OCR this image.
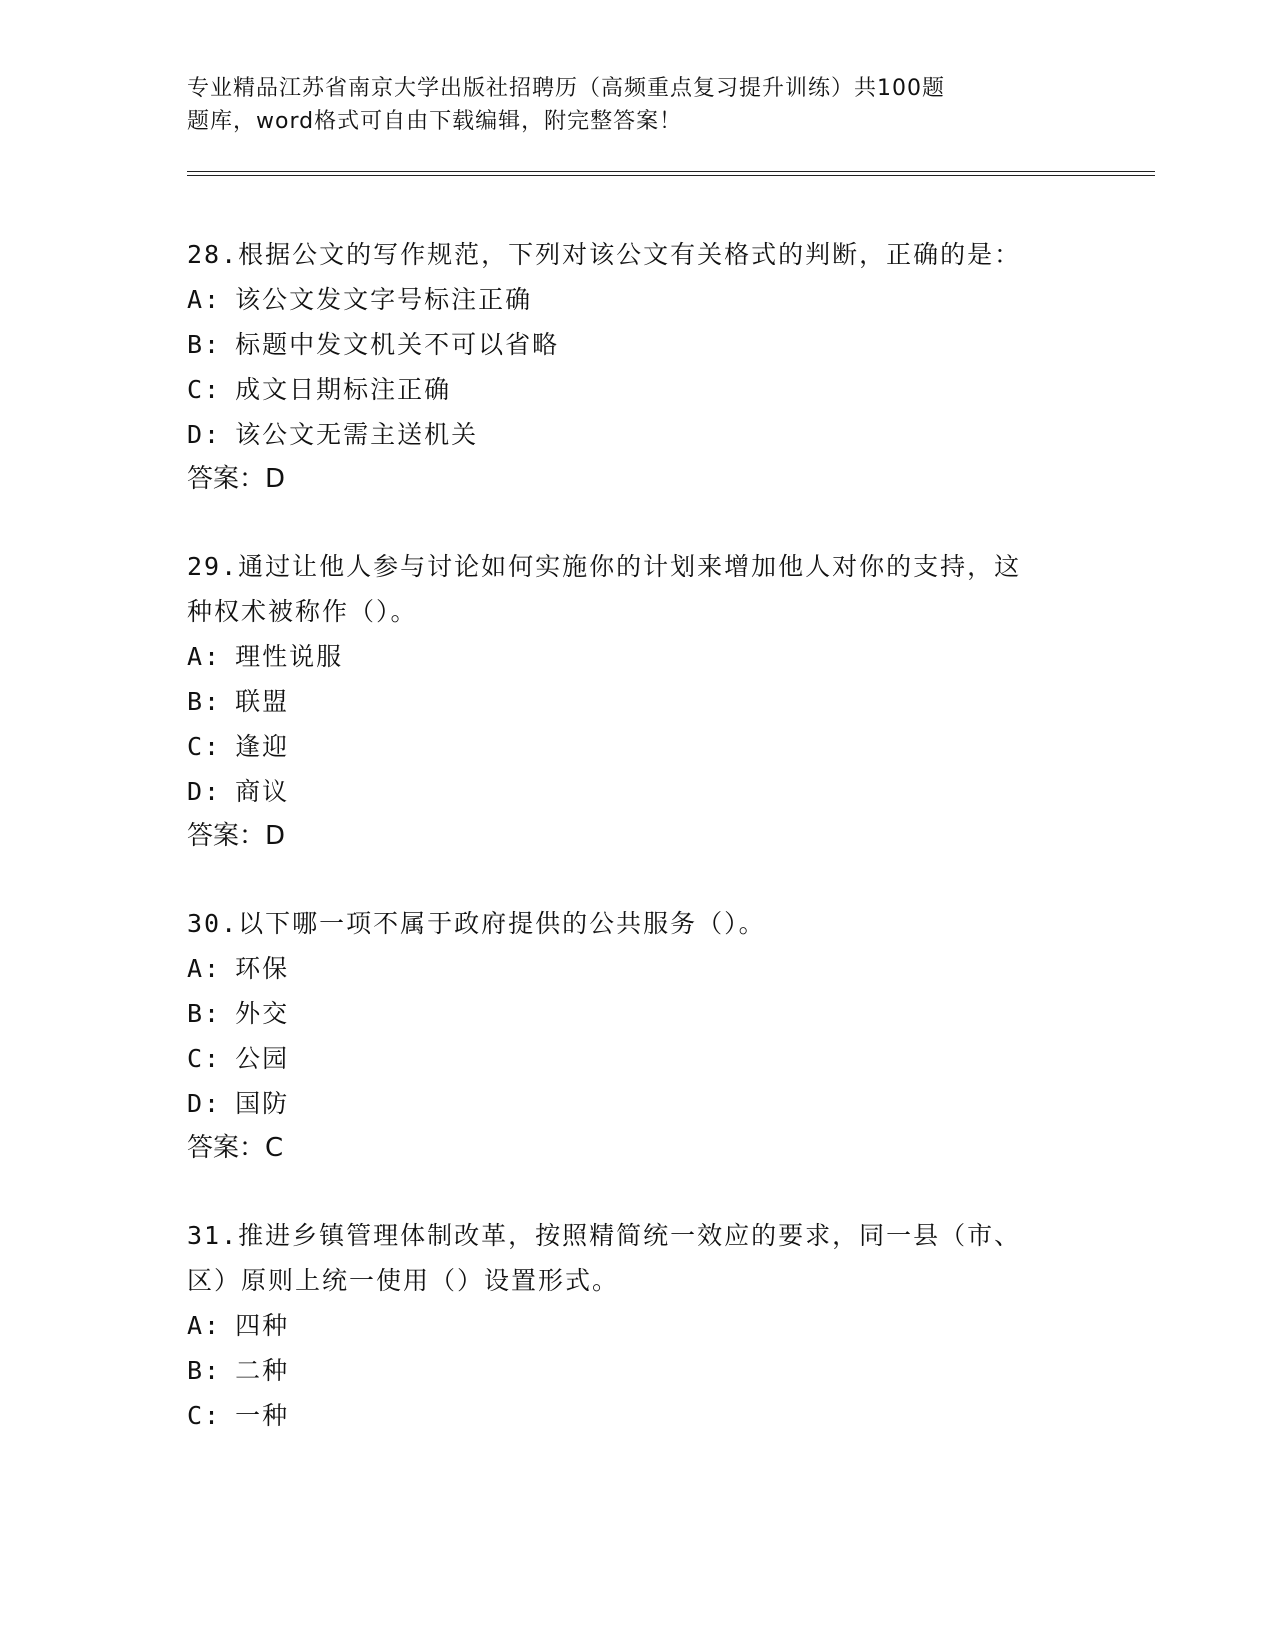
专业精品江苏省南京大学出版社招聘历（高频重点复习提升训练）共100题
题库，word格式可自由下载编辑，附完整答案！
28.根据公文的写作规范，下列对该公文有关格式的判断，正确的是：
A: 该公文发文字号标注正确
B: 标题中发文机关不可以省略
C: 成文日期标注正确
D: 该公文无需主送机关
答案：D
29.通过让他人参与讨论如何实施你的计划来增加他人对你的支持，这
种权术被称作（）。
A: 理性说服
B: 联盟
C: 逢迎
D: 商议
答案：D
30.以下哪一项不属于政府提供的公共服务（）。
A: 环保
B: 外交
C: 公园
D: 国防
答案：C
31.推进乡镇管理体制改革，按照精简统一效应的要求，同一县（市、
区）原则上统一使用（）设置形式。
A: 四种
B: 二种
C: 一种
